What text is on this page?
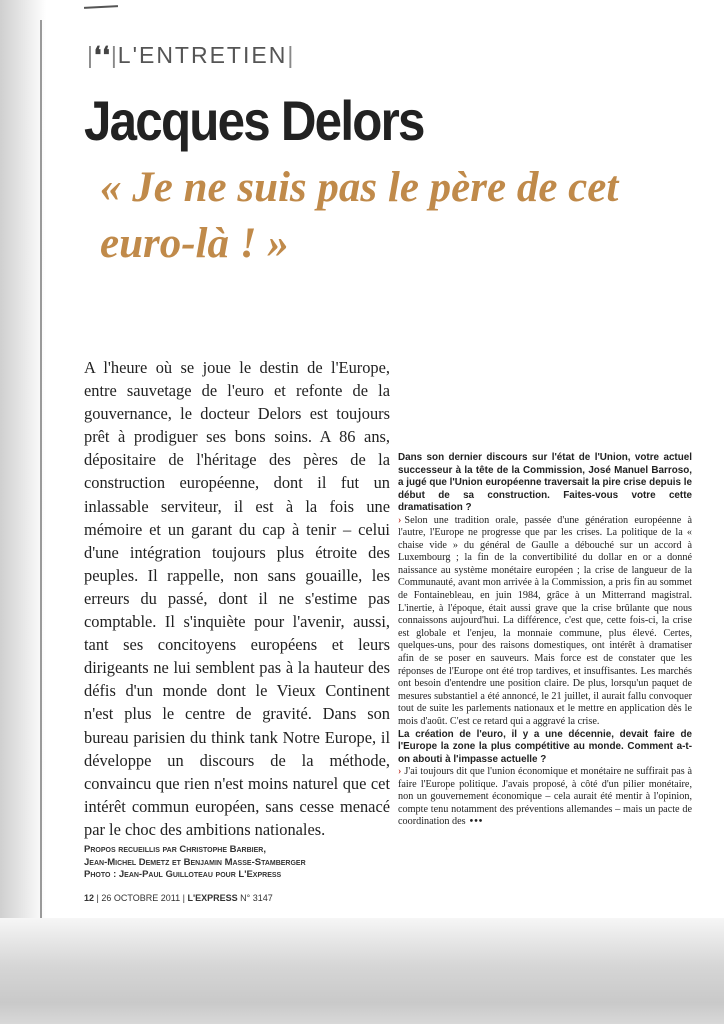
|❛❛|L'ENTRETIEN|
Jacques Delors
« Je ne suis pas le père de cet euro-là ! »

A l'heure où se joue le destin de l'Europe, entre sauvetage de l'euro et refonte de la gouvernance, le docteur Delors est toujours prêt à prodiguer ses bons soins. A 86 ans, dépositaire de l'héritage des pères de la construction européenne, dont il fut un inlassable serviteur, il est à la fois une mémoire et un garant du cap à tenir – celui d'une intégration toujours plus étroite des peuples. Il rappelle, non sans gouaille, les erreurs du passé, dont il ne s'estime pas comptable. Il s'inquiète pour l'avenir, aussi, tant ses concitoyens européens et leurs dirigeants ne lui semblent pas à la hauteur des défis d'un monde dont le Vieux Continent n'est plus le centre de gravité. Dans son bureau parisien du think tank Notre Europe, il développe un discours de la méthode, convaincu que rien n'est moins naturel que cet intérêt commun européen, sans cesse menacé par le choc des ambitions nationales.

Propos recueillis par Christophe Barbier,
Jean-Michel Demetz et Benjamin Masse-Stamberger
Photo : Jean-Paul Guilloteau pour L'Express
12 | 26 OCTOBRE 2011 | L'EXPRESS N° 3147

Dans son dernier discours sur l'état de l'Union, votre actuel successeur à la tête de la Commission, José Manuel Barroso, a jugé que l'Union européenne traversait la pire crise depuis le début de sa construction. Faites-vous votre cette dramatisation ?

› Selon une tradition orale, passée d'une génération européenne à l'autre, l'Europe ne progresse que par les crises. La politique de la « chaise vide » du général de Gaulle a débouché sur un accord à Luxembourg ; la fin de la convertibilité du dollar en or a donné naissance au système monétaire européen ; la crise de langueur de la Communauté, avant mon arrivée à la Commission, a pris fin au sommet de Fontainebleau, en juin 1984, grâce à un Mitterrand magistral. L'inertie, à l'époque, était aussi grave que la crise brûlante que nous connaissons aujourd'hui. La différence, c'est que, cette fois-ci, la crise est globale et l'enjeu, la monnaie commune, plus élevé. Certes, quelques-uns, pour des raisons domestiques, ont intérêt à dramatiser afin de se poser en sauveurs. Mais force est de constater que les réponses de l'Europe ont été trop tardives, et insuffisantes. Les marchés ont besoin d'entendre une position claire. De plus, lorsqu'un paquet de mesures substantiel a été annoncé, le 21 juillet, il aurait fallu convoquer tout de suite les parlements nationaux et le mettre en application dès le mois d'août. C'est ce retard qui a aggravé la crise.

La création de l'euro, il y a une décennie, devait faire de l'Europe la zone la plus compétitive au monde. Comment a-t-on abouti à l'impasse actuelle ?

› J'ai toujours dit que l'union économique et monétaire ne suffirait pas à faire l'Europe politique. J'avais proposé, à côté d'un pilier monétaire, non un gouvernement économique – cela aurait été mentir à l'opinion, compte tenu notamment des préventions allemandes – mais un pacte de coordination des •••
